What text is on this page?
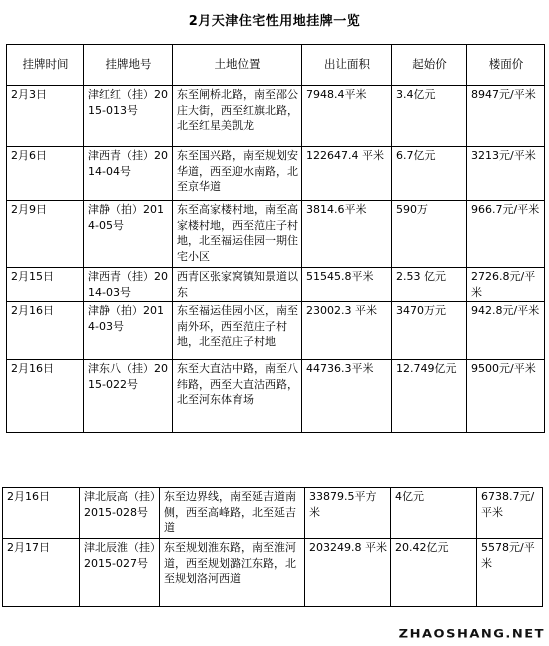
2月天津住宅性用地挂牌一览
挂牌时间	挂牌地号	土地位置	出让面积	起始价	楼面价
2月3日	津红红（挂）2015-013号	东至闸桥北路，南至邵公庄大街，西至红旗北路，北至红星美凯龙	7948.4平米	3.4亿元	8947元/平米
2月6日	津西青（挂）2014-04号	东至国兴路，南至规划安华道，西至迎水南路，北至京华道	122647.4 平米	6.7亿元	3213元/平米
2月9日	津静（拍）2014-05号	东至高家楼村地，南至高家楼村地，西至范庄子村地，北至福运佳园一期住宅小区	3814.6平米	590万	966.7元/平米
2月15日	津西青（挂）2014-03号	西青区张家窝镇知景道以东	51545.8平米	2.53 亿元	2726.8元/平米
2月16日	津静（拍）2014-03号	东至福运佳园小区，南至南外环，西至范庄子村地，北至范庄子村地	23002.3 平米	3470万元	942.8元/平米
2月16日	津东八（挂）2015-022号	东至大直沽中路，南至八纬路，西至大直沽西路，北至河东体育场	44736.3平米	12.749亿元	9500元/平米
2月16日	津北辰高（挂）2015-028号	东至边界线，南至延吉道南侧，西至高峰路，北至延吉道	33879.5平方米	4亿元	6738.7元/平米
2月17日	津北辰淮（挂）2015-027号	东至规划淮东路，南至淮河道，西至规划潞江东路，北至规划洛河西道	203249.8 平米	20.42亿元	5578元/平米
ZHAOSHANG.NET
